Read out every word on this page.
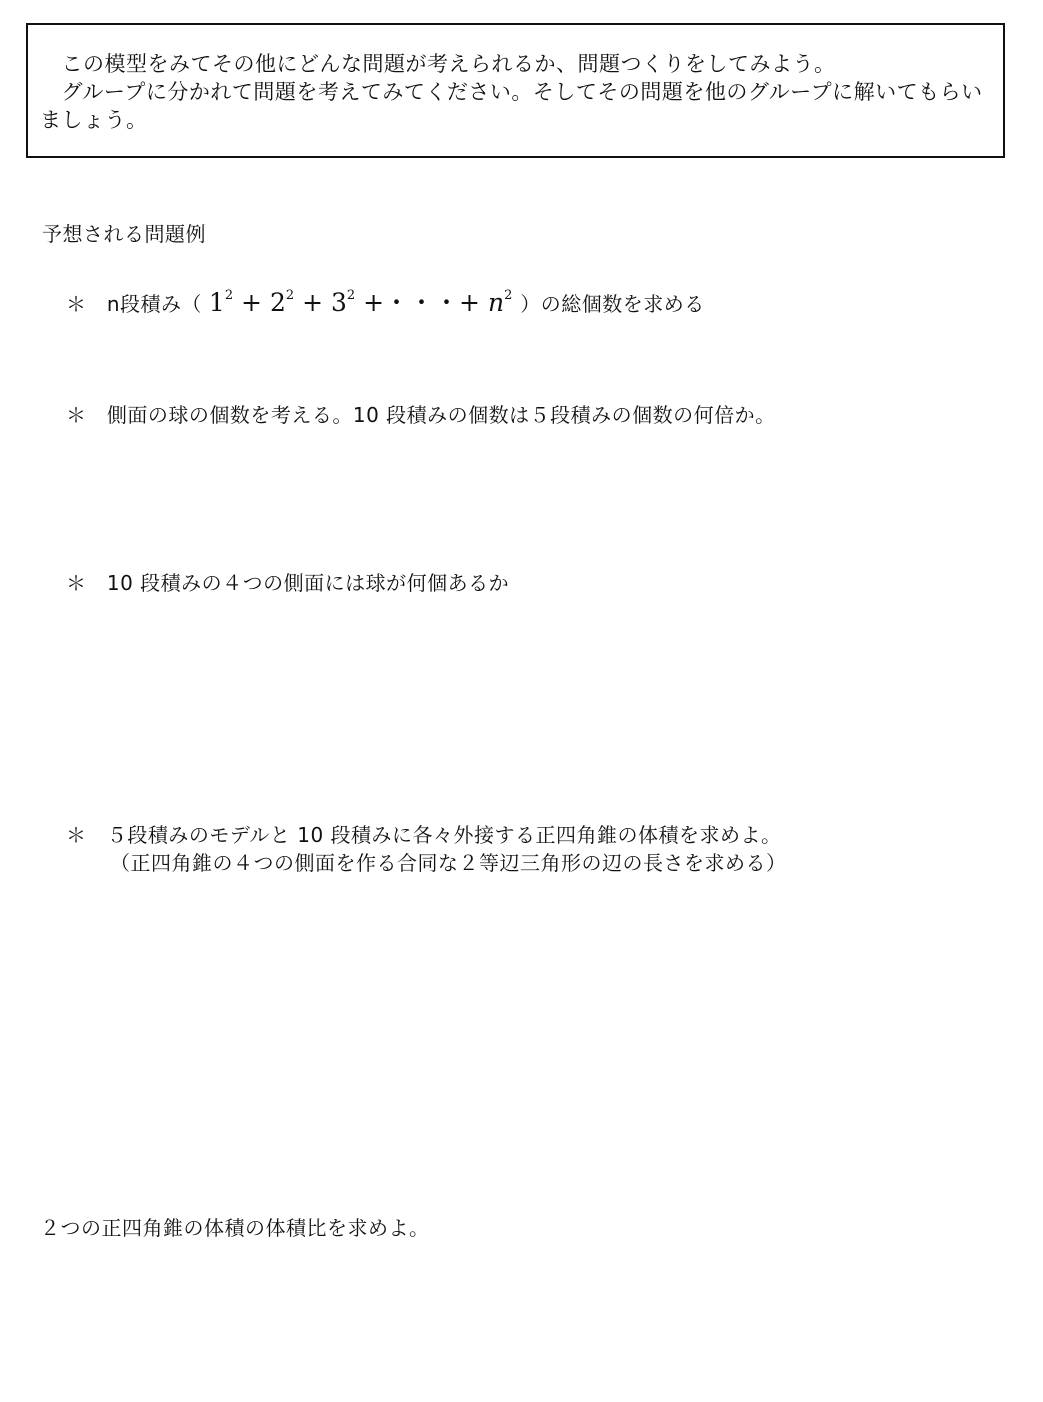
　この模型をみてその他にどんな問題が考えられるか、問題つくりをしてみよう。

　グループに分かれて問題を考えてみてください。そしてその問題を他のグループに解いてもらいましょう。

予想される問題例
＊ n段積み（ $1^2 + 2^2 + 3^2$ +・・・+ $n^2$ ）の総個数を求める
＊ 側面の球の個数を考える。10 段積みの個数は５段積みの個数の何倍か。
＊ 10 段積みの４つの側面には球が何個あるか
＊ ５段積みのモデルと 10 段積みに各々外接する正四角錐の体積を求めよ。
（正四角錐の４つの側面を作る合同な２等辺三角形の辺の長さを求める）
２つの正四角錐の体積の体積比を求めよ。
